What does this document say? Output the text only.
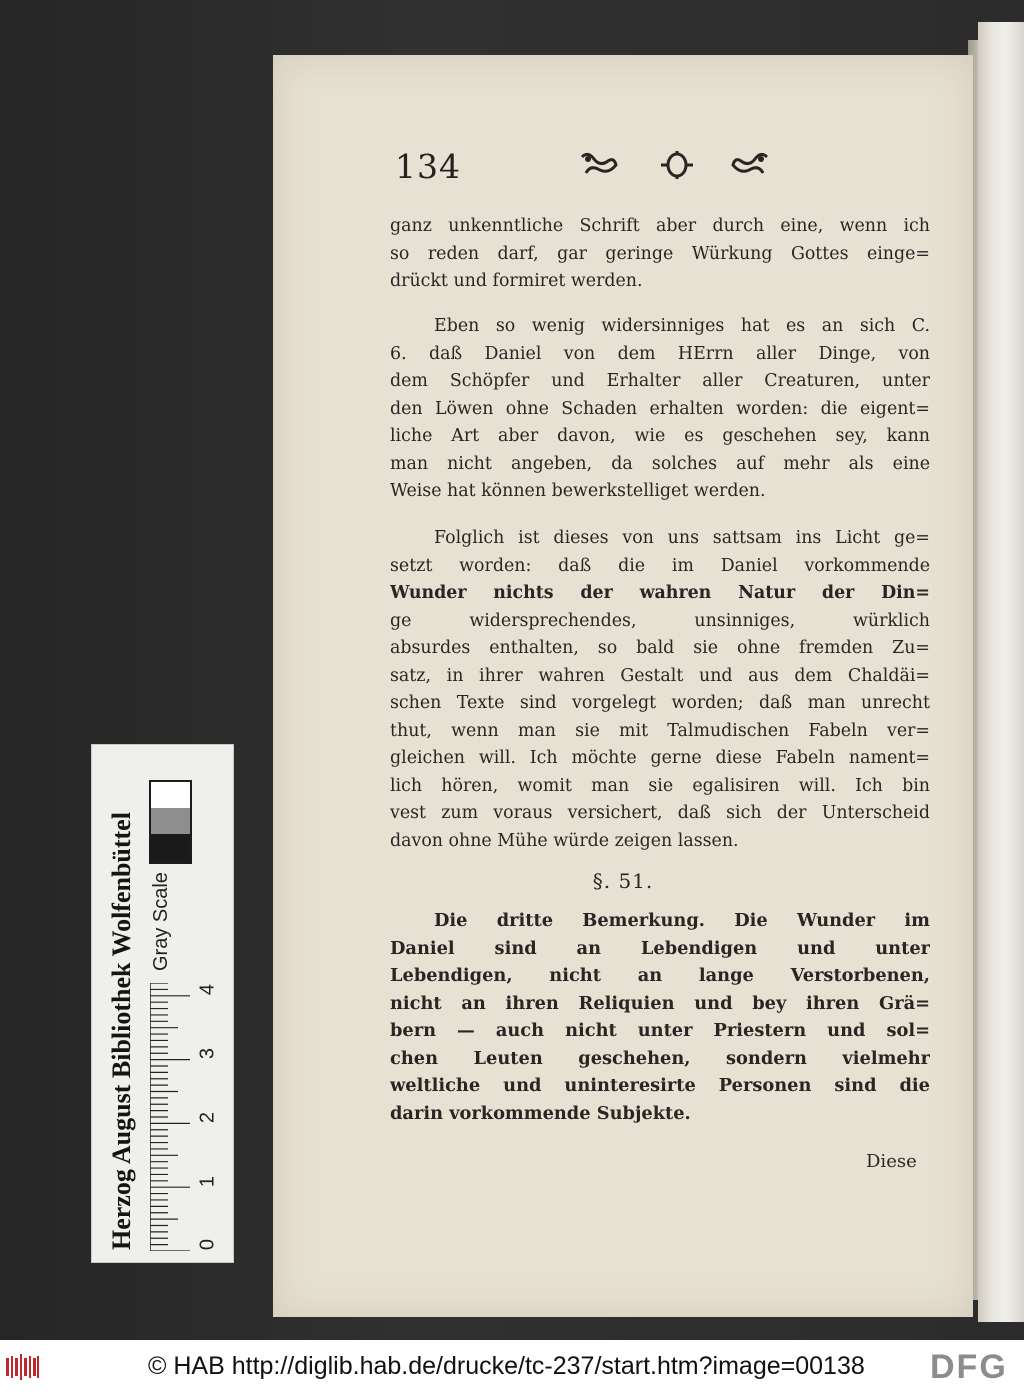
134
ganz unkenntliche Schrift aber durch eine, wenn ich
so reden darf, gar geringe Würkung Gottes einge=
drückt und formiret werden.
Eben so wenig widersinniges hat es an sich C.
6. daß Daniel von dem HErrn aller Dinge, von
dem Schöpfer und Erhalter aller Creaturen, unter
den Löwen ohne Schaden erhalten worden: die eigent=
liche Art aber davon, wie es geschehen sey, kann
man nicht angeben, da solches auf mehr als eine
Weise hat können bewerkstelliget werden.
Folglich ist dieses von uns sattsam ins Licht ge=
setzt worden: daß die im Daniel vorkommende
Wunder nichts der wahren Natur der Din=
ge widersprechendes, unsinniges, würklich
absurdes enthalten, so bald sie ohne fremden Zu=
satz, in ihrer wahren Gestalt und aus dem Chaldäi=
schen Texte sind vorgelegt worden; daß man unrecht
thut, wenn man sie mit Talmudischen Fabeln ver=
gleichen will. Ich möchte gerne diese Fabeln nament=
lich hören, womit man sie egalisiren will. Ich bin
vest zum voraus versichert, daß sich der Unterscheid
davon ohne Mühe würde zeigen lassen.
§. 51.
Die dritte Bemerkung. Die Wunder im
Daniel sind an Lebendigen und unter
Lebendigen, nicht an lange Verstorbenen,
nicht an ihren Reliquien und bey ihren Grä=
bern — auch nicht unter Priestern und sol=
chen Leuten geschehen, sondern vielmehr
weltliche und uninteresirte Personen sind die
darin vorkommende Subjekte.
Diese
Herzog August Bibliothek Wolfenbüttel Gray Scale
0
1
2
3
4
© HAB http://diglib.hab.de/drucke/tc-237/start.htm?image=00138 DFG
